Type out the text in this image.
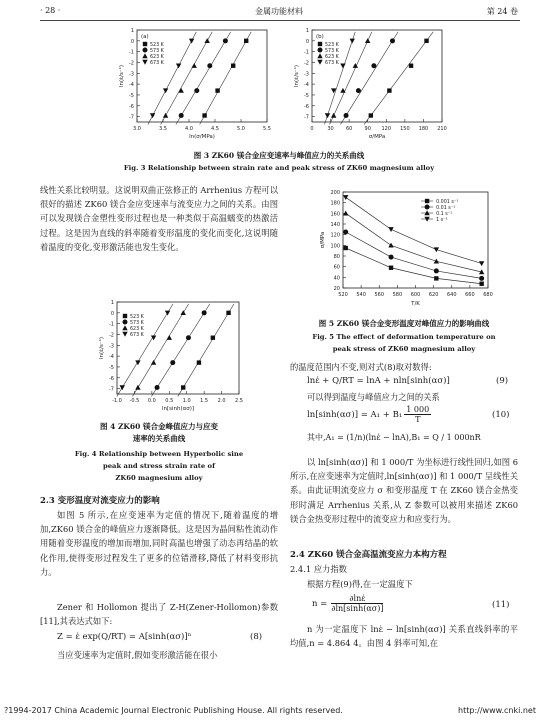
· 28 ·	金属功能材料	第 24 卷
1
0
-1
-2
-3
-4
-5
-6
-7
3.0	3.5	4.0	4.5	5.0	5.5
ln(σ/MPa)
ln(ε̇/s⁻¹)
(a)
523 K
573 K
623 K
673 K
1
0
-1
-2
-3
-4
-5
-6
-7
0	30 60 90 120 150 180 210
σ/MPa
ln(ε̇/s⁻¹)
(b)
523 K
573 K
623 K
673 K
图 3 ZK60 镁合金应变速率与峰值应力的关系曲线
Fig. 3 Relationship between strain rate and peak stress of ZK60 magnesium alloy

线性关系比较明显。这说明双曲正弦修正的 Arrhenius 方程可以很好的描述 ZK60 镁合金应变速率与流变应力之间的关系。由图可以发现镁合金塑性变形过程也是一种类似于高温蠕变的热激活过程。这是因为直线的斜率随着变形温度的变化而变化,这说明随着温度的变化,变形激活能也发生变化。

1
0
-1
-2
-3
-4
-5
-6
-7
-1.0 -0.5 0.0 0.5 1.0 1.5 2.0 2.5
ln[sinh(ασ)]
ln(ε̇/s⁻¹)
523 K
573 K
623 K
673 K
图 4 ZK60 镁合金峰值应力与应变
速率的关系曲线
Fig. 4 Relationship between Hyperbolic sine
peak and stress strain rate of
ZK60 magnesium alloy
2.3 变形温度对流变应力的影响
如图 5 所示,在应变速率为定值的情况下,随着温度的增加,ZK60 镁合金的峰值应力逐渐降低。这是因为晶间粘性流动作用随着变形温度的增加而增加,同时高温也增强了动态再结晶的软化作用,使得变形过程发生了更多的位错滑移,降低了材料变形抗力。
Zener 和 Hollomon 提出了 Z-H(Zener-Hollomon)参数[11],其表达式如下:
Z = ε̇ exp(Q/RT) = A[sinh(ασ)]ⁿ	(8)
当应变速率为定值时,假如变形激活能在很小
20
40
60
80
100
120
140
160
180
200
520 540 560 580 600 620 640 660 680
T/K
σ/MPa
0.001 s⁻¹
0.01 s⁻¹
0.1 s⁻¹
1 s⁻¹
图 5 ZK60 镁合金变形温度对峰值应力的影响曲线
Fig. 5 The effect of deformation temperature on
peak stress of ZK60 magnesium alloy
的温度范围内不变,则对式(8)取对数得:
lnε̇ + Q/RT = lnA + nln[sinh(ασ)]	(9)
可以得到温度与峰值应力之间的关系
$\ln[\sinh(\alpha\sigma)] = A_1 + B_1 \frac{1 000}{T}$	(10)
其中,A₁ = (1/n)(lnε̇ − lnA),B₁ = Q / 1 000nR
以 ln[sinh(ασ)] 和 1 000/T 为坐标进行线性回归,如图 6 所示,在应变速率为定值时,ln[sinh(ασ)] 和 1 000/T 呈线性关系。由此证明流变应力 σ 和变形温度 T 在 ZK60 镁合金热变形时满足 Arrhenius 关系,从 Z 参数可以被用来描述 ZK60 镁合金热变形过程中的流变应力和应变行为。
2.4 ZK60 镁合金高温流变应力本构方程
2.4.1 应力指数
根据方程(9)得,在一定温度下
$n = \frac{\partial\ln\varepsiloṅ}{\partial\ln[\sinh(\alpha\sigma)]}$	(11)
n 为一定温度下 lnε̇ − ln[sinh(ασ)] 关系直线斜率的平均值,n = 4.864 4。由图 4 斜率可知,在
?1994-2017 China Academic Journal Electronic Publishing House. All rights reserved.	http://www.cnki.net
